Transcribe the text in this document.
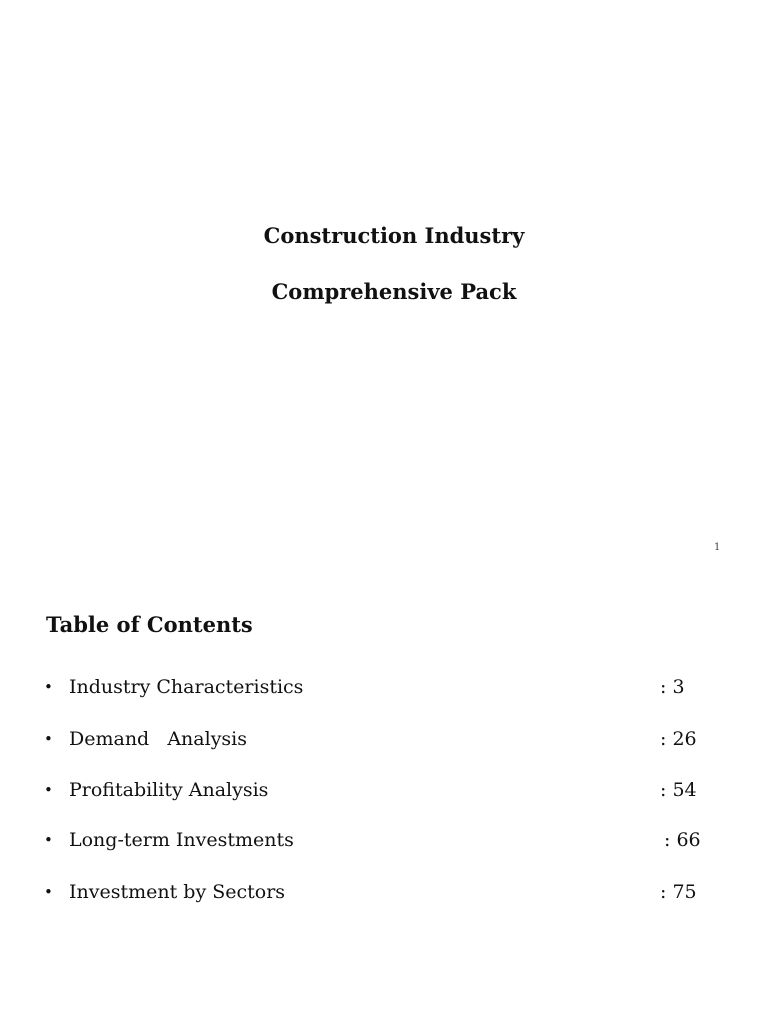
Construction Industry
Comprehensive Pack
1
Table of Contents
• Industry Characteristics	: 3
• Demand   Analysis	: 26
• Profitability Analysis	: 54
• Long-term Investments	: 66
• Investment by Sectors	: 75
